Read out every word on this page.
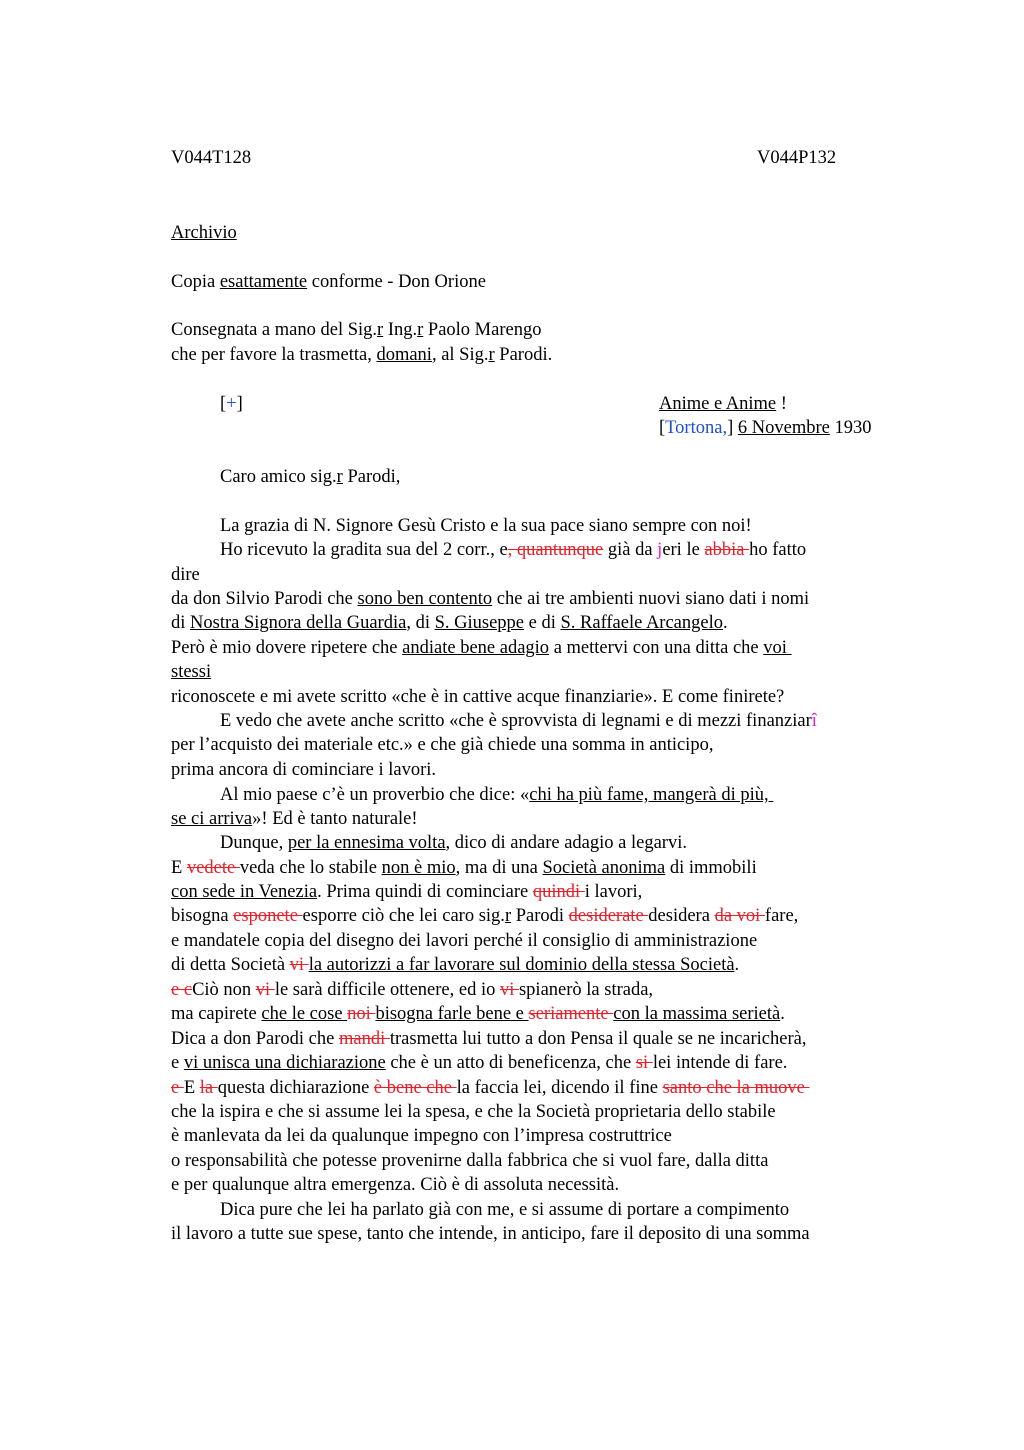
V044T128	V044P132
Archivio
Copia esattamente conforme - Don Orione
Consegnata a mano del Sig.r Ing.r Paolo Marengo
che per favore la trasmetta, domani, al Sig.r Parodi.
[+]	Anime e Anime !
[Tortona,] 6 Novembre 1930
Caro amico sig.r Parodi,
La grazia di N. Signore Gesù Cristo e la sua pace siano sempre con noi!
Ho ricevuto la gradita sua del 2 corr., e, quantunque già da jeri le abbia ho fatto
dire
da don Silvio Parodi che sono ben contento che ai tre ambienti nuovi siano dati i nomi
di Nostra Signora della Guardia, di S. Giuseppe e di S. Raffaele Arcangelo.
Però è mio dovere ripetere che andiate bene adagio a mettervi con una ditta che voi
stessi
riconoscete e mi avete scritto «che è in cattive acque finanziarie». E come finirete?
E vedo che avete anche scritto «che è sprovvista di legnami e di mezzi finanziarî
per l’acquisto dei materiale etc.» e che già chiede una somma in anticipo,
prima ancora di cominciare i lavori.
Al mio paese c’è un proverbio che dice: «chi ha più fame, mangerà di più,
se ci arriva»! Ed è tanto naturale!
Dunque, per la ennesima volta, dico di andare adagio a legarvi.
E vedete veda che lo stabile non è mio, ma di una Società anonima di immobili
con sede in Venezia. Prima quindi di cominciare quindi i lavori,
bisogna esponete esporre ciò che lei caro sig.r Parodi desiderate desidera da voi fare,
e mandatele copia del disegno dei lavori perché il consiglio di amministrazione
di detta Società vi la autorizzi a far lavorare sul dominio della stessa Società.
e cCiò non vi le sarà difficile ottenere, ed io vi spianerò la strada,
ma capirete che le cose noi bisogna farle bene e seriamente con la massima serietà.
Dica a don Parodi che mandi trasmetta lui tutto a don Pensa il quale se ne incaricherà,
e vi unisca una dichiarazione che è un atto di beneficenza, che si lei intende di fare.
e E la questa dichiarazione è bene che la faccia lei, dicendo il fine santo che la muove
che la ispira e che si assume lei la spesa, e che la Società proprietaria dello stabile
è manlevata da lei da qualunque impegno con l’impresa costruttrice
o responsabilità che potesse provenirne dalla fabbrica che si vuol fare, dalla ditta
e per qualunque altra emergenza. Ciò è di assoluta necessità.
Dica pure che lei ha parlato già con me, e si assume di portare a compimento
il lavoro a tutte sue spese, tanto che intende, in anticipo, fare il deposito di una somma
